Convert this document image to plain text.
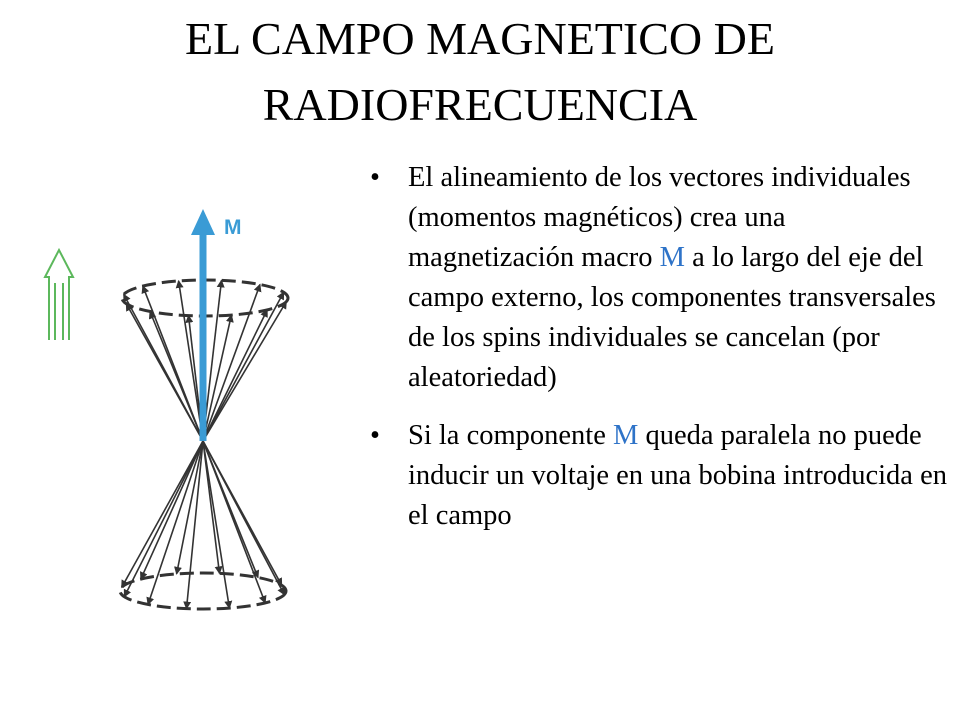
EL CAMPO MAGNETICO DE
RADIOFRECUENCIA
M
• El alineamiento de los vectores individuales (momentos magnéticos) crea una magnetización macro M a lo largo del eje del campo externo, los componentes transversales de los spins individuales se cancelan (por aleatoriedad)
• Si la componente M queda paralela no puede inducir un voltaje en una bobina introducida en el campo
